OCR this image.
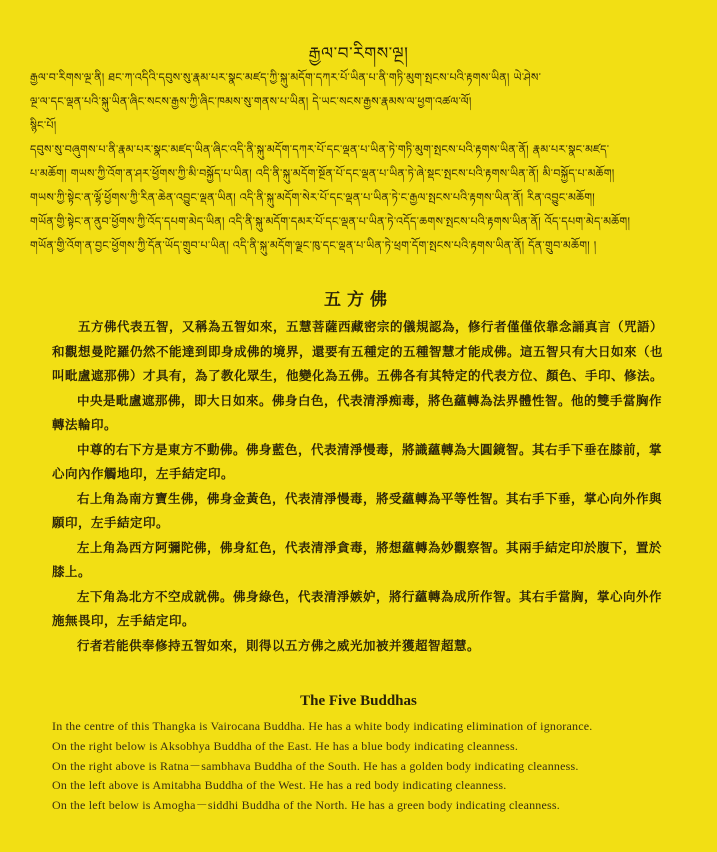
རྒྱལ་བ་རིགས་ལྔ།
རྒྱལ་བ་རིགས་ལྔ་ནི། ཐང་ཀ་འདིའི་དབུས་སུ་རྣམ་པར་སྣང་མཛད་ཀྱི་སྐུ་མདོག་དཀར་པོ་ཡིན་པ་ནི་གཏི་མུག་སྤངས་པའི་རྟགས་ཡིན། ཡེ་ཤེས་
ལྔ་ལ་དང་ལྡན་པའི་སྐུ་ཡིན་ཞིང་སངས་རྒྱས་ཀྱི་ཞིང་ཁམས་སུ་གནས་པ་ཡིན། དེ་ཡང་སངས་རྒྱས་རྣམས་ལ་ཕྱག་འཚལ་ལོ།
སྙིང་པོ།
དབུས་སུ་བཞུགས་པ་ནི་རྣམ་པར་སྣང་མཛད་ཡིན་ཞིང་འདི་ནི་སྐུ་མདོག་དཀར་པོ་དང་ལྡན་པ་ཡིན་ཏེ་གཏི་མུག་སྤངས་པའི་རྟགས་ཡིན་ནོ། རྣམ་པར་སྣང་མཛད་
པ་མཆོག། གཡས་ཀྱི་འོག་ན་ཤར་ཕྱོགས་ཀྱི་མི་བསྐྱོད་པ་ཡིན། འདི་ནི་སྐུ་མདོག་སྔོན་པོ་དང་ལྡན་པ་ཡིན་ཏེ་ཞེ་སྡང་སྤངས་པའི་རྟགས་ཡིན་ནོ། མི་བསྐྱོད་པ་མཆོག།
གཡས་ཀྱི་སྟེང་ན་ལྷོ་ཕྱོགས་ཀྱི་རིན་ཆེན་འབྱུང་ལྡན་ཡིན། འདི་ནི་སྐུ་མདོག་སེར་པོ་དང་ལྡན་པ་ཡིན་ཏེ་ང་རྒྱལ་སྤངས་པའི་རྟགས་ཡིན་ནོ། རིན་འབྱུང་མཆོག།
གཡོན་གྱི་སྟེང་ན་ནུབ་ཕྱོགས་ཀྱི་འོད་དཔག་མེད་ཡིན། འདི་ནི་སྐུ་མདོག་དམར་པོ་དང་ལྡན་པ་ཡིན་ཏེ་འདོད་ཆགས་སྤངས་པའི་རྟགས་ཡིན་ནོ། འོད་དཔག་མེད་མཆོག།
གཡོན་གྱི་འོག་ན་བྱང་ཕྱོགས་ཀྱི་དོན་ཡོད་གྲུབ་པ་ཡིན། འདི་ནི་སྐུ་མདོག་ལྗང་ཁུ་དང་ལྡན་པ་ཡིན་ཏེ་ཕྲག་དོག་སྤངས་པའི་རྟགས་ཡིན་ནོ། དོན་གྲུབ་མཆོག། །
五方佛

五方佛代表五智，又稱為五智如來，五慧菩薩西藏密宗的儀規認為，修行者僅僅依靠念誦真言（咒語）和觀想曼陀羅仍然不能達到即身成佛的境界，還要有五種定的五種智慧才能成佛。這五智只有大日如來（也叫毗盧遮那佛）才具有，為了教化眾生，他變化為五佛。五佛各有其特定的代表方位、顏色、手印、修法。

中央是毗盧遮那佛，即大日如來。佛身白色，代表清淨痴毒，將色蘊轉為法界體性智。他的雙手當胸作轉法輪印。

中尊的右下方是東方不動佛。佛身藍色，代表清淨慢毒，將識蘊轉為大圓鏡智。其右手下垂在膝前，掌心向內作觸地印，左手結定印。

右上角為南方寶生佛，佛身金黃色，代表清淨慢毒，將受蘊轉為平等性智。其右手下垂，掌心向外作與願印，左手結定印。

左上角為西方阿彌陀佛，佛身紅色，代表清淨貪毒，將想蘊轉為妙觀察智。其兩手結定印於腹下，置於膝上。

左下角為北方不空成就佛。佛身綠色，代表清淨嫉妒，將行蘊轉為成所作智。其右手當胸，掌心向外作施無畏印，左手結定印。

行者若能供奉修持五智如來，則得以五方佛之威光加被并獲超智超慧。

The Five Buddhas
In the centre of this Thangka is Vairocana Buddha. He has a white body indicating elimination of ignorance.
On the right below is Aksobhya Buddha of the East. He has a blue body indicating cleanness.
On the right above is Ratna－sambhava Buddha of the South. He has a golden body indicating cleanness.
On the left above is Amitabha Buddha of the West. He has a red body indicating cleanness.
On the left below is Amogha－siddhi Buddha of the North. He has a green body indicating cleanness.
